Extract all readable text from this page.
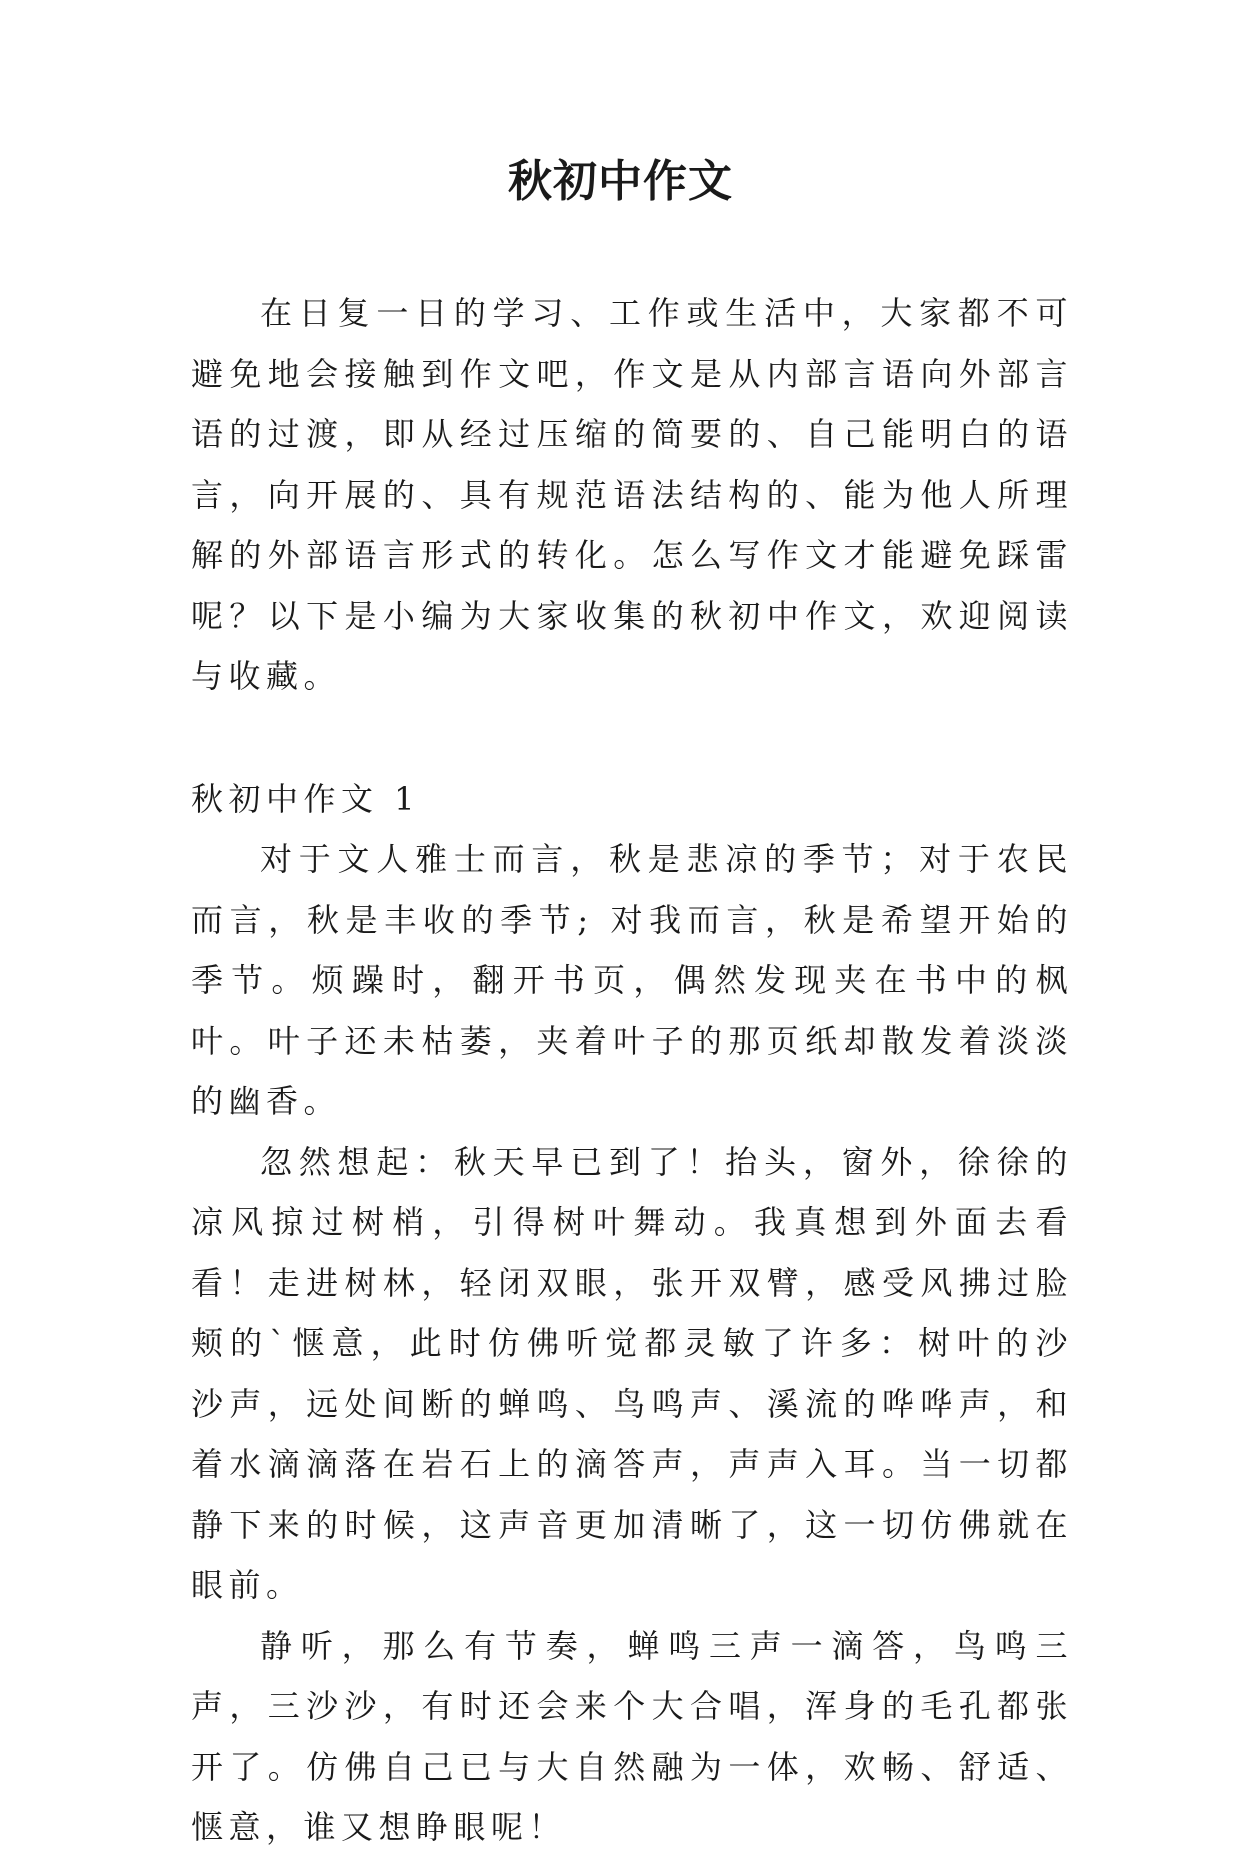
秋初中作文

在日复一日的学习、工作或生活中，大家都不可避免地会接触到作文吧，作文是从内部言语向外部言语的过渡，即从经过压缩的简要的、自己能明白的语言，向开展的、具有规范语法结构的、能为他人所理解的外部语言形式的转化。怎么写作文才能避免踩雷呢？以下是小编为大家收集的秋初中作文，欢迎阅读与收藏。

秋初中作文 1

对于文人雅士而言，秋是悲凉的季节；对于农民而言，秋是丰收的季节; 对我而言，秋是希望开始的季节。烦躁时，翻开书页，偶然发现夹在书中的枫叶。叶子还未枯萎，夹着叶子的那页纸却散发着淡淡的幽香。

忽然想起：秋天早已到了！抬头，窗外，徐徐的凉风掠过树梢，引得树叶舞动。我真想到外面去看看！走进树林，轻闭双眼，张开双臂，感受风拂过脸颊的`惬意，此时仿佛听觉都灵敏了许多：树叶的沙沙声，远处间断的蝉鸣、鸟鸣声、溪流的哗哗声，和着水滴滴落在岩石上的滴答声，声声入耳。当一切都静下来的时候，这声音更加清晰了，这一切仿佛就在眼前。

静听，那么有节奏，蝉鸣三声一滴答，鸟鸣三声，三沙沙，有时还会来个大合唱，浑身的毛孔都张开了。仿佛自己已与大自然融为一体，欢畅、舒适、惬意，谁又想睁眼呢！
